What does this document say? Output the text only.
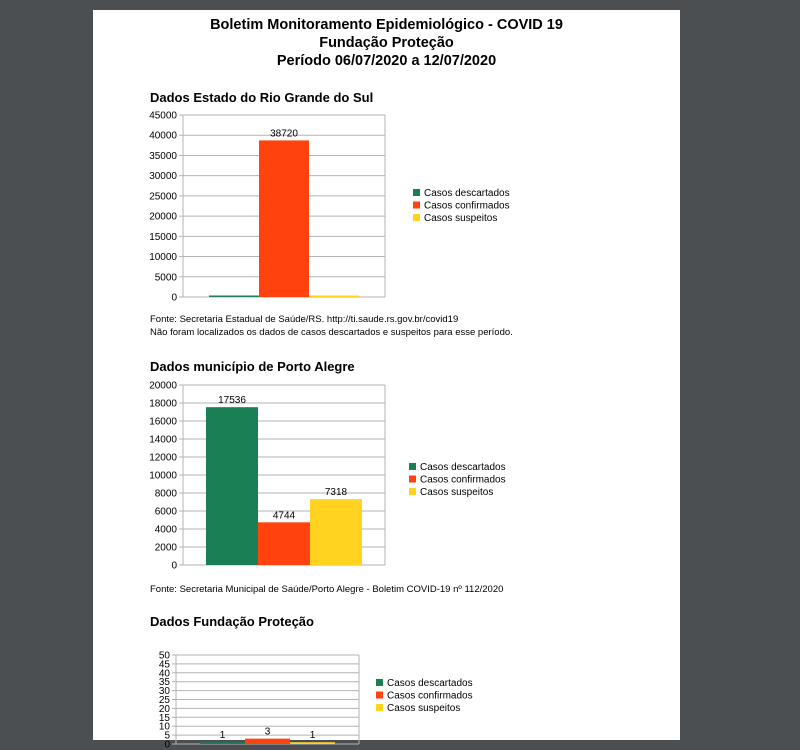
Boletim Monitoramento Epidemiológico - COVID 19
Fundação Proteção
Período 06/07/2020 a 12/07/2020
Dados Estado do Rio Grande do Sul
0
5000
10000
15000
20000
25000
30000
35000
40000
45000
38720
Casos descartados
Casos confirmados
Casos suspeitos
Fonte: Secretaria Estadual de Saúde/RS. http://ti.saude.rs.gov.br/covid19
Não foram localizados os dados de casos descartados e suspeitos para esse período.
Dados município de Porto Alegre
0
2000
4000
6000
8000
10000
12000
14000
16000
18000
20000
17536
4744
7318
Casos descartados
Casos confirmados
Casos suspeitos
Fonte: Secretaria Municipal de Saúde/Porto Alegre - Boletim COVID-19 nº 112/2020
Dados Fundação Proteção
0
5
10
15
20
25
30
35
40
45
50
1	3	1
Casos descartados
Casos confirmados
Casos suspeitos
